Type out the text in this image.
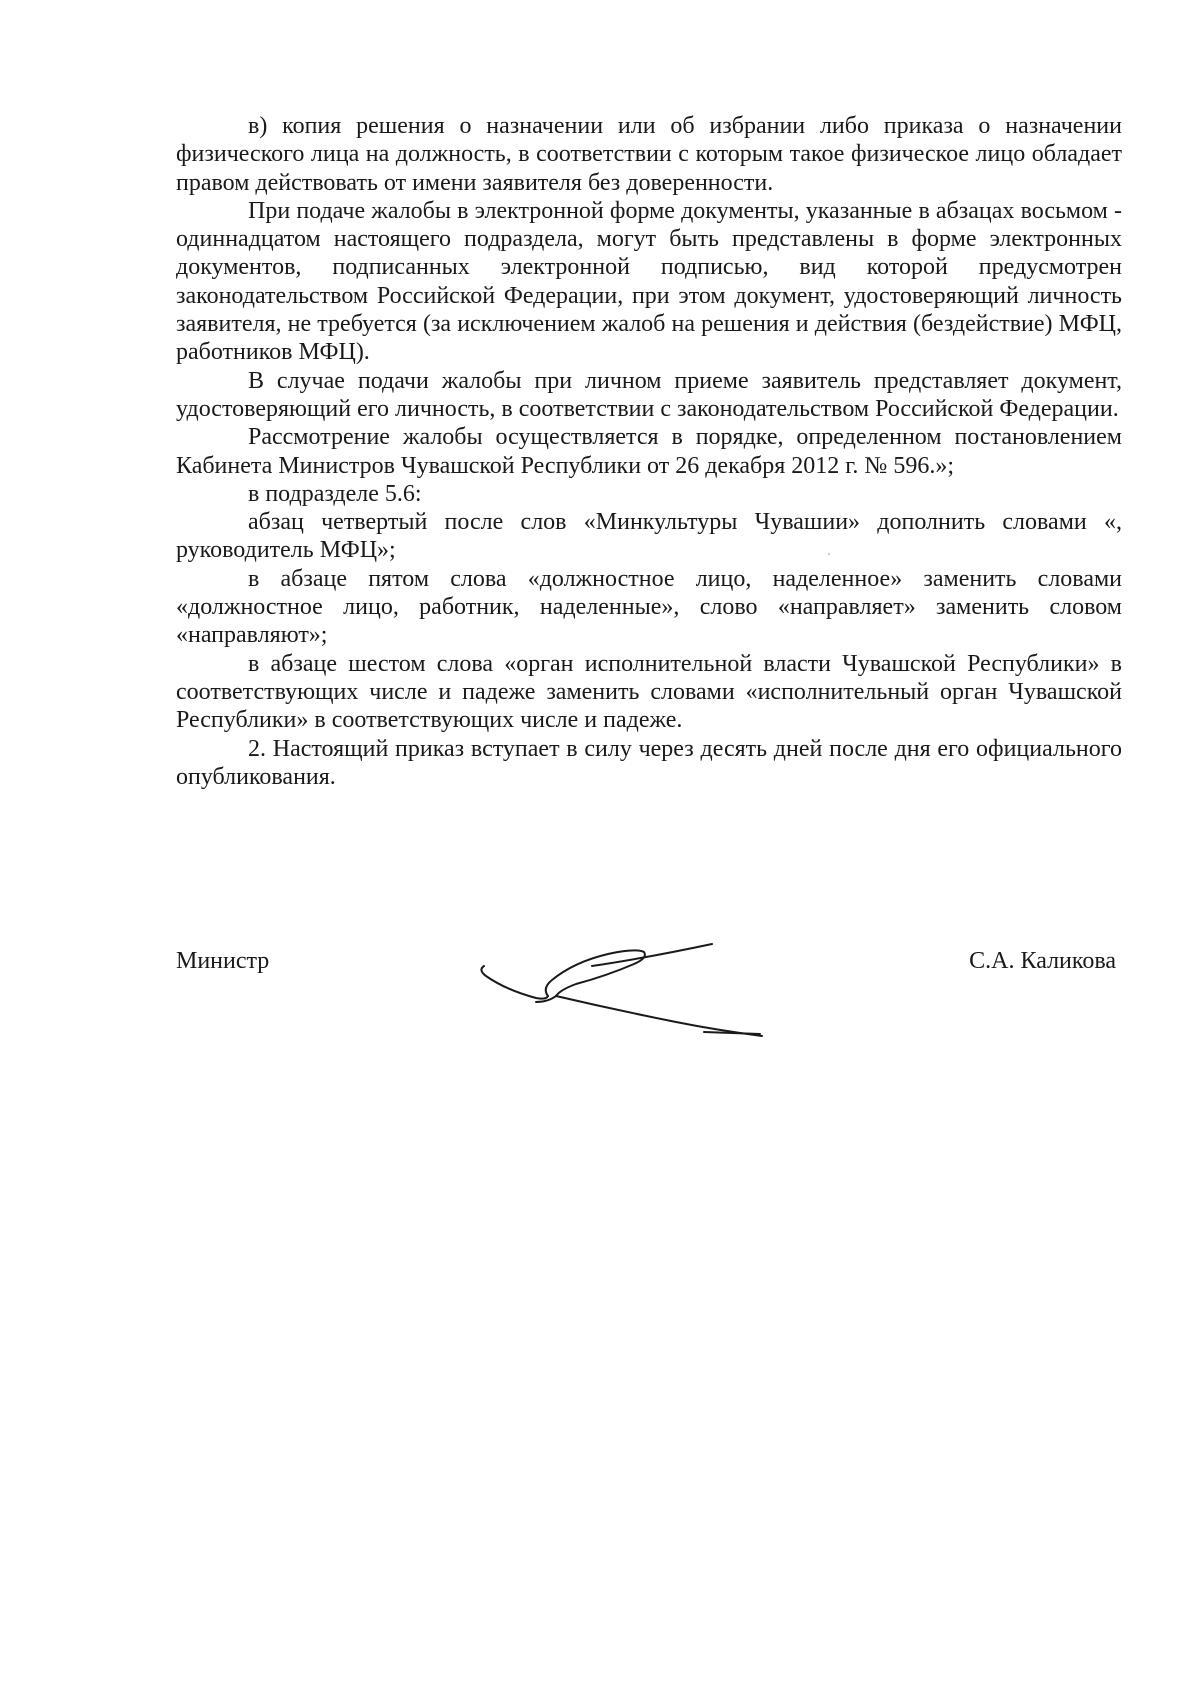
в) копия решения о назначении или об избрании либо приказа о назначении физического лица на должность, в соответствии с которым такое физическое лицо обладает правом действовать от имени заявителя без доверенности.

При подаче жалобы в электронной форме документы, указанные в абзацах восьмом - одиннадцатом настоящего подраздела, могут быть представлены в форме электронных документов, подписанных электронной подписью, вид которой предусмотрен законодательством Российской Федерации, при этом документ, удостоверяющий личность заявителя, не требуется (за исключением жалоб на решения и действия (бездействие) МФЦ, работников МФЦ).

В случае подачи жалобы при личном приеме заявитель представляет документ, удостоверяющий его личность, в соответствии с законодательством Российской Федерации.

Рассмотрение жалобы осуществляется в порядке, определенном постановлением Кабинета Министров Чувашской Республики от 26 декабря 2012 г. № 596.»;

в подразделе 5.6:

абзац четвертый после слов «Минкультуры Чувашии» дополнить словами «, руководитель МФЦ»;

в абзаце пятом слова «должностное лицо, наделенное» заменить словами «должностное лицо, работник, наделенные», слово «направляет» заменить словом «направляют»;

в абзаце шестом слова «орган исполнительной власти Чувашской Республики» в соответствующих числе и падеже заменить словами «исполнительный орган Чувашской Республики» в соответствующих числе и падеже.

2. Настоящий приказ вступает в силу через десять дней после дня его официального опубликования.

Министр	С.А. Каликова
